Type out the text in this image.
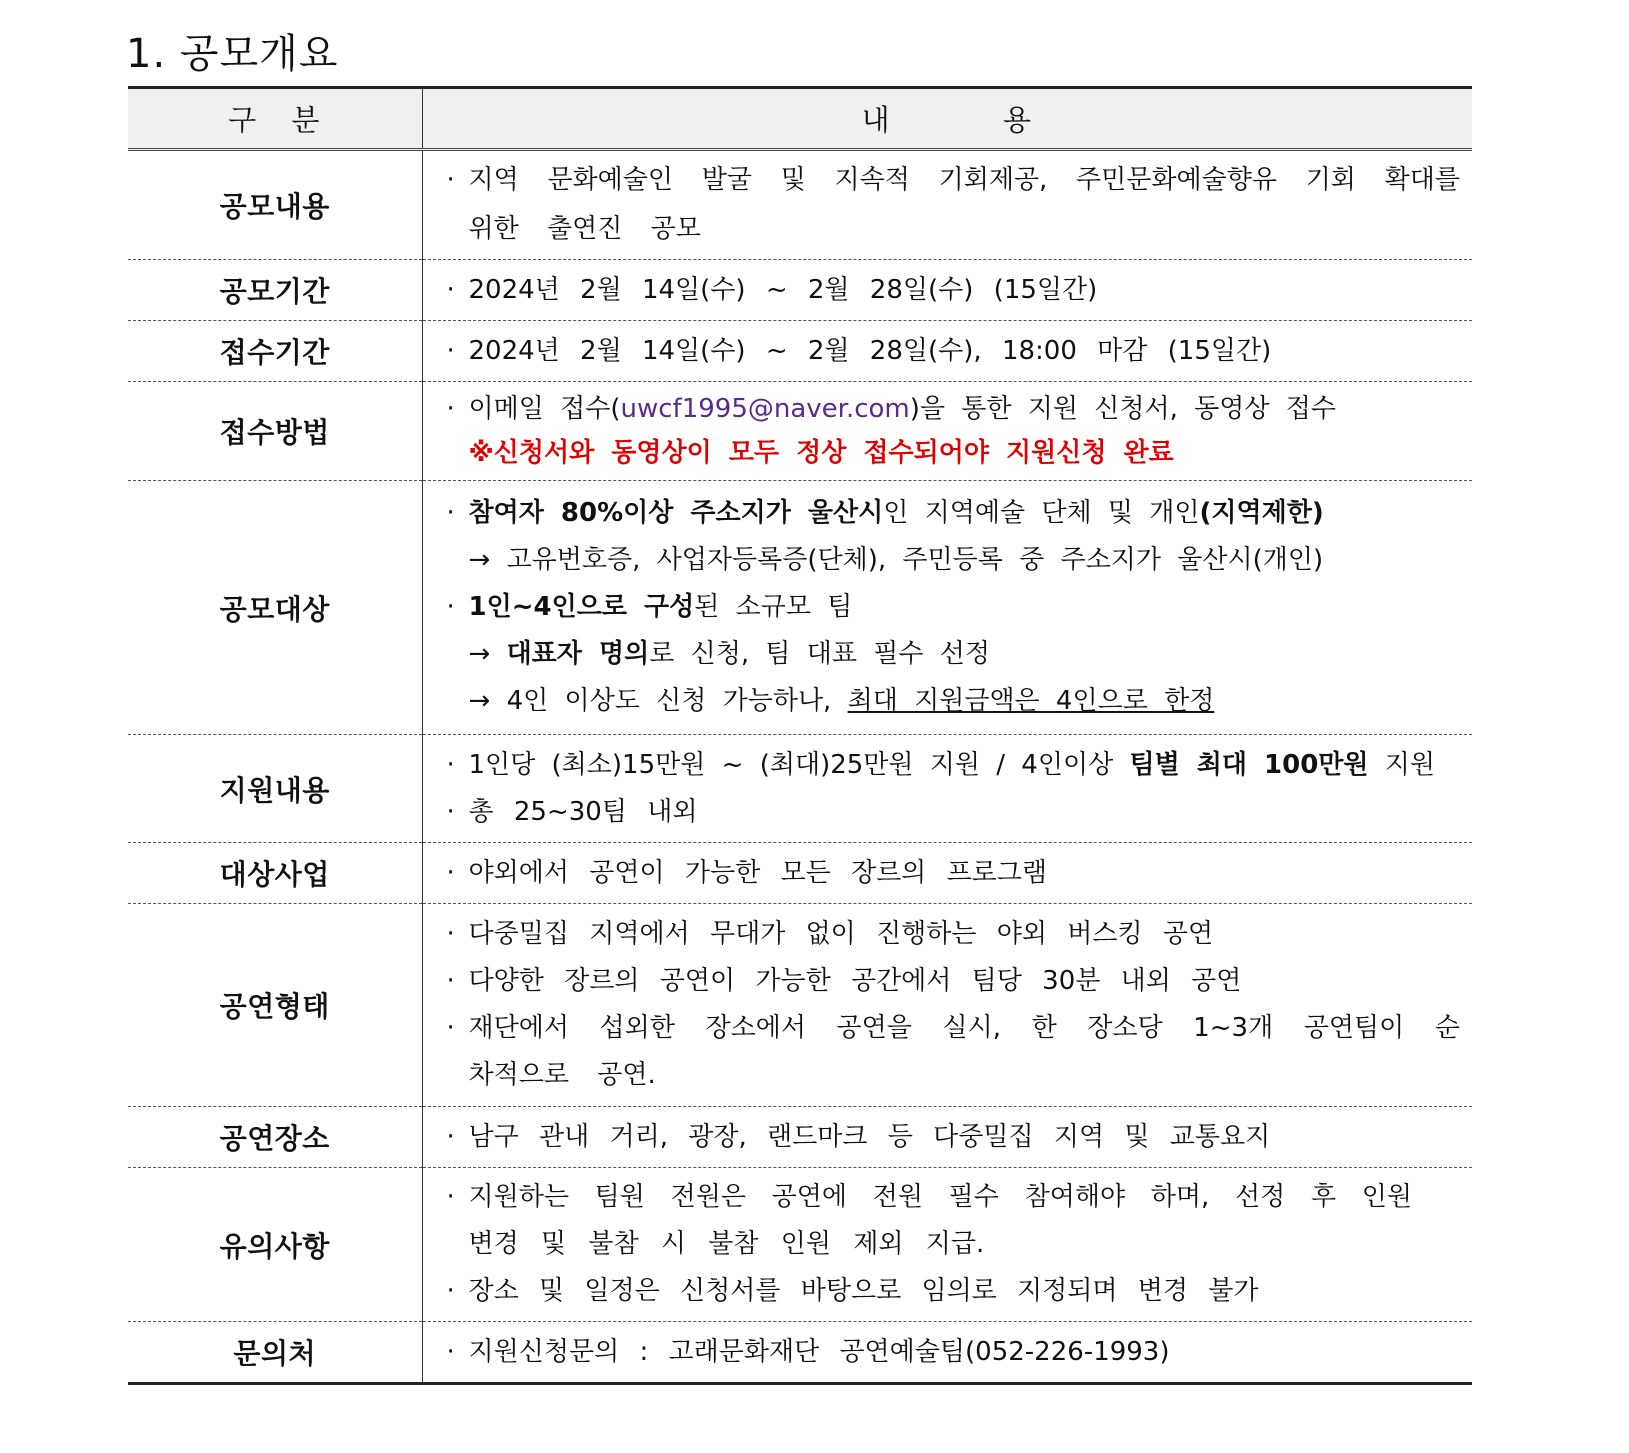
1. 공모개요
구 분	내 용
공모내용	· 지역 문화예술인 발굴 및 지속적 기회제공, 주민문화예술향유 기회 확대를 위한 출연진 공모

공모기간	· 2024년 2월 14일(수) ~ 2월 28일(수) (15일간)

접수기간	· 2024년 2월 14일(수) ~ 2월 28일(수), 18:00 마감 (15일간)

접수방법	· 이메일 접수(uwcf1995@naver.com)을 통한 지원 신청서, 동영상 접수
※신청서와 동영상이 모두 정상 접수되어야 지원신청 완료

공모대상	· 참여자 80%이상 주소지가 울산시인 지역예술 단체 및 개인(지역제한)
→ 고유번호증, 사업자등록증(단체), 주민등록 중 주소지가 울산시(개인)
· 1인~4인으로 구성된 소규모 팀
→ 대표자 명의로 신청, 팀 대표 필수 선정
→ 4인 이상도 신청 가능하나, 최대 지원금액은 4인으로 한정

지원내용	· 1인당 (최소)15만원 ~ (최대)25만원 지원 / 4인이상 팀별 최대 100만원 지원
· 총 25~30팀 내외

대상사업	· 야외에서 공연이 가능한 모든 장르의 프로그램

공연형태	· 다중밀집 지역에서 무대가 없이 진행하는 야외 버스킹 공연
· 다양한 장르의 공연이 가능한 공간에서 팀당 30분 내외 공연
· 재단에서 섭외한 장소에서 공연을 실시, 한 장소당 1~3개 공연팀이 순차적으로 공연.

공연장소	· 남구 관내 거리, 광장, 랜드마크 등 다중밀집 지역 및 교통요지

유의사항	· 지원하는 팀원 전원은 공연에 전원 필수 참여해야 하며, 선정 후 인원 변경 및 불참 시 불참 인원 제외 지급.
· 장소 및 일정은 신청서를 바탕으로 임의로 지정되며 변경 불가

문의처	· 지원신청문의 : 고래문화재단 공연예술팀(052-226-1993)
